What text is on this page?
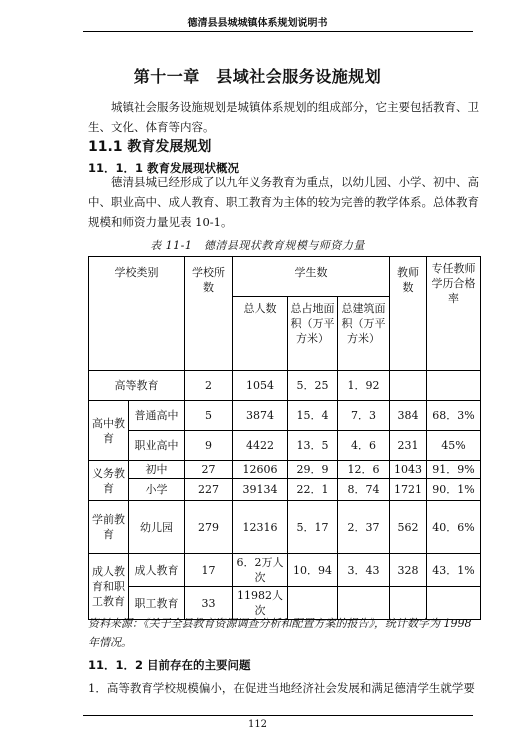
德清县县城城镇体系规划说明书
第十一章　县域社会服务设施规划
城镇社会服务设施规划是城镇体系规划的组成部分，它主要包括教育、卫生、文化、体育等内容。
11.1 教育发展规划
11．1．1 教育发展现状概况
德清县城已经形成了以九年义务教育为重点，以幼儿园、小学、初中、高中、职业高中、成人教育、职工教育为主体的较为完善的教学体系。总体教育规模和师资力量见表 10-1。
表 11-1　德清县现状教育规模与师资力量
学校类别		学校所数	学生数			教师数	专任教师学历合格率
			总人数	总占地面积（万平方米）	总建筑面积（万平方米）		
高等教育		2	1054	5．25	1．92		
高中教育	普通高中	5	3874	15．4	7．3	384	68．3%
	职业高中	9	4422	13．5	4．6	231	45%
义务教育	初中	27	12606	29．9	12．6	1043	91．9%
	小学	227	39134	22．1	8．74	1721	90．1%
学前教育	幼儿园	279	12316	5．17	2．37	562	40．6%
成人教育和职工教育	成人教育	17	6．2万人次	10．94	3．43	328	43．1%
	职工教育	33	11982人次				
资料来源：《关于全县教育资源调查分析和配置方案的报告》，统计数字为 1998 年情况。
11．1．2 目前存在的主要问题
1．高等教育学校规模偏小，在促进当地经济社会发展和满足德清学生就学要
112
